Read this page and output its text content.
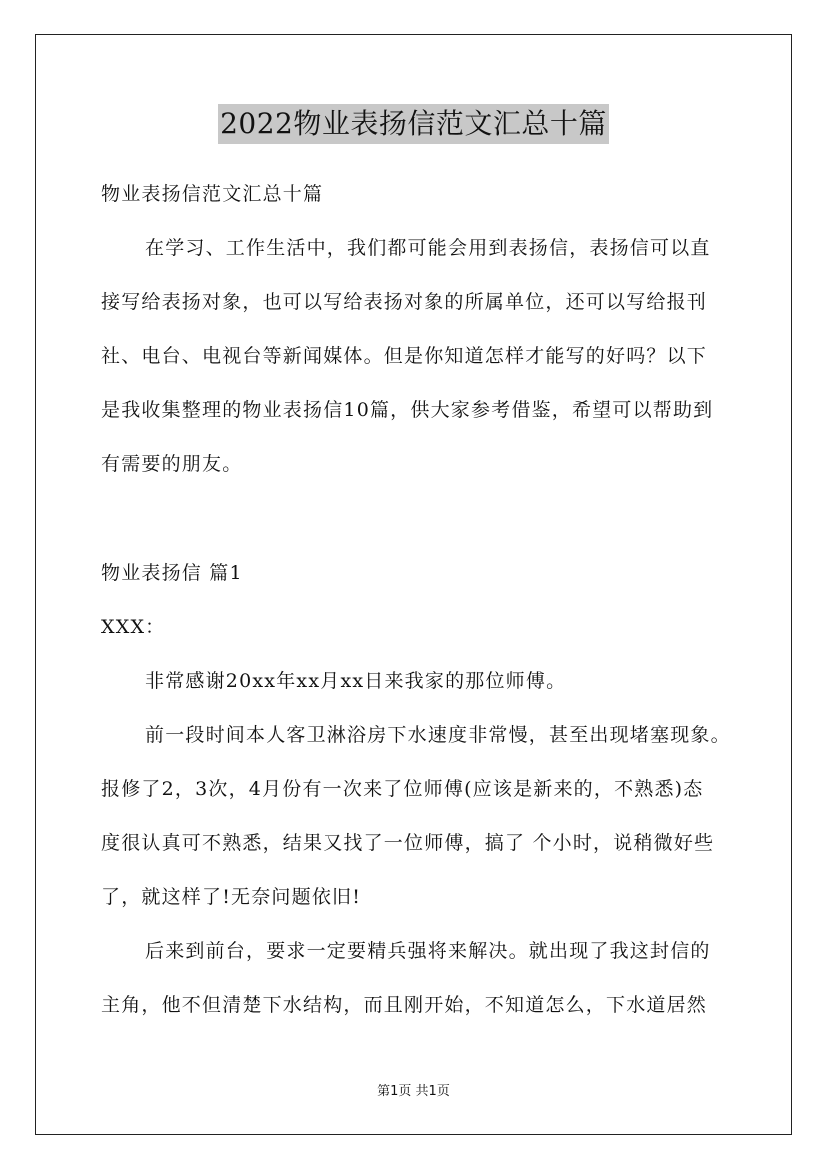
2022物业表扬信范文汇总十篇
物业表扬信范文汇总十篇
在学习、工作生活中，我们都可能会用到表扬信，表扬信可以直
接写给表扬对象，也可以写给表扬对象的所属单位，还可以写给报刊
社、电台、电视台等新闻媒体。但是你知道怎样才能写的好吗？以下
是我收集整理的物业表扬信10篇，供大家参考借鉴，希望可以帮助到
有需要的朋友。
物业表扬信 篇1
XXX：
非常感谢20xx年xx月xx日来我家的那位师傅。
前一段时间本人客卫淋浴房下水速度非常慢，甚至出现堵塞现象。
报修了2，3次，4月份有一次来了位师傅(应该是新来的，不熟悉)态
度很认真可不熟悉，结果又找了一位师傅，搞了 个小时，说稍微好些
了，就这样了!无奈问题依旧!
后来到前台，要求一定要精兵强将来解决。就出现了我这封信的
主角，他不但清楚下水结构，而且刚开始，不知道怎么，下水道居然
第1页 共1页
